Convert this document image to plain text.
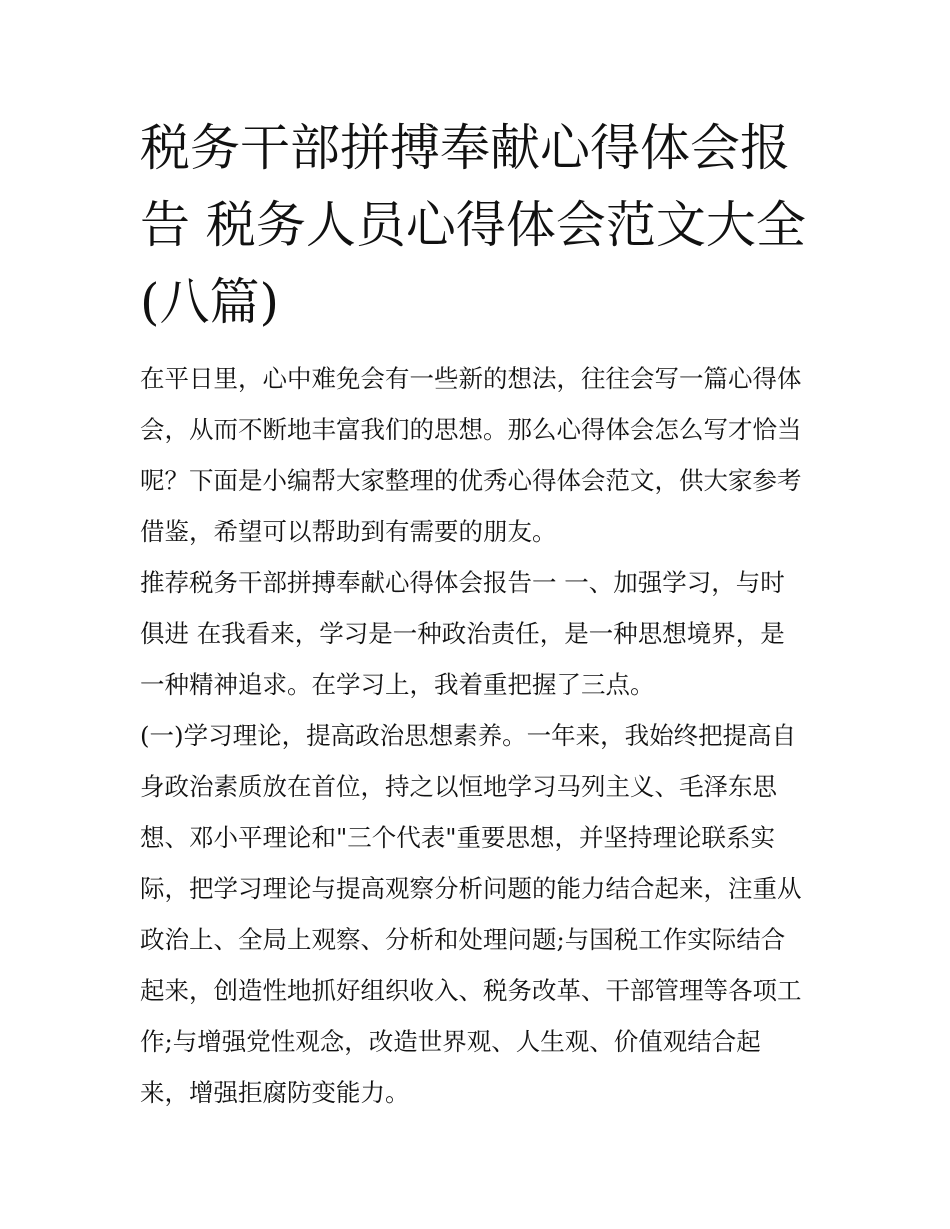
税务干部拼搏奉献心得体会报
告 税务人员心得体会范文大全
(八篇)
在平日里，心中难免会有一些新的想法，往往会写一篇心得体
会，从而不断地丰富我们的思想。那么心得体会怎么写才恰当
呢？下面是小编帮大家整理的优秀心得体会范文，供大家参考
借鉴，希望可以帮助到有需要的朋友。
推荐税务干部拼搏奉献心得体会报告一 一、加强学习，与时
俱进 在我看来，学习是一种政治责任，是一种思想境界，是
一种精神追求。在学习上，我着重把握了三点。
(一)学习理论，提高政治思想素养。一年来，我始终把提高自
身政治素质放在首位，持之以恒地学习马列主义、毛泽东思
想、邓小平理论和"三个代表"重要思想，并坚持理论联系实
际，把学习理论与提高观察分析问题的能力结合起来，注重从
政治上、全局上观察、分析和处理问题;与国税工作实际结合
起来，创造性地抓好组织收入、税务改革、干部管理等各项工
作;与增强党性观念，改造世界观、人生观、价值观结合起
来，增强拒腐防变能力。
